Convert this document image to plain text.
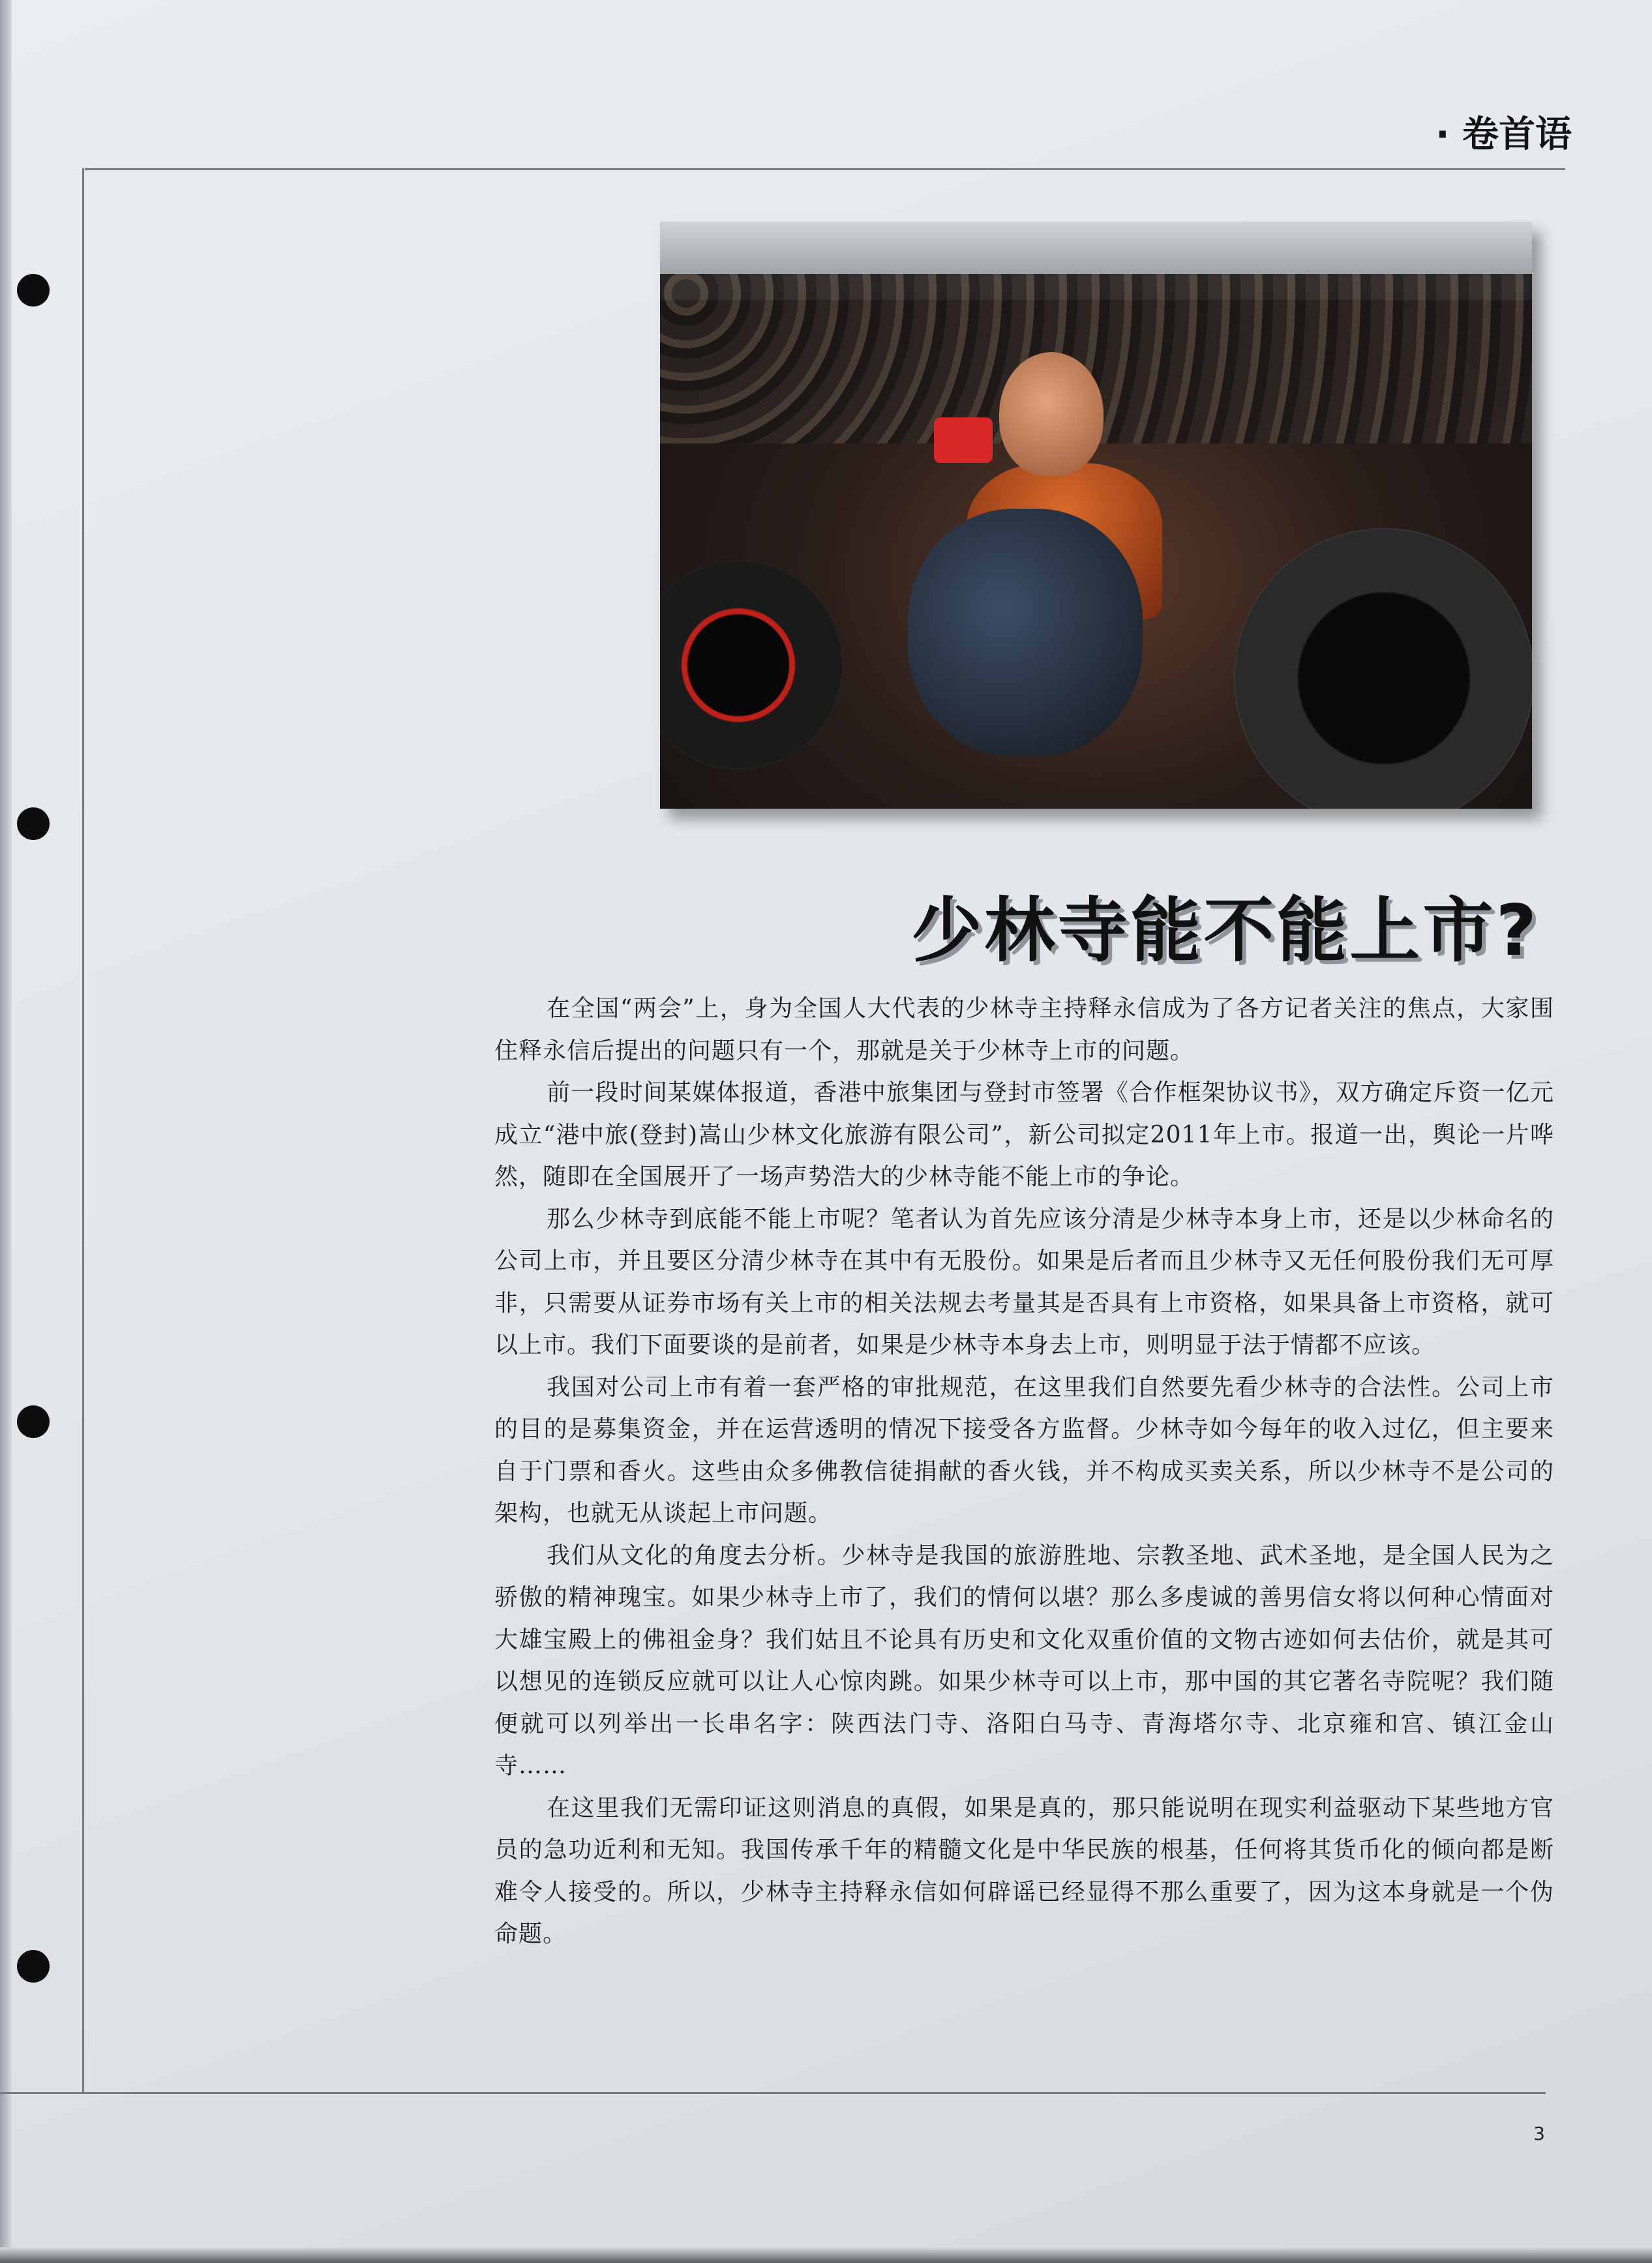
· 卷首语
少林寺能不能上市?

在全国“两会”上，身为全国人大代表的少林寺主持释永信成为了各方记者关注的焦点，大家围住释永信后提出的问题只有一个，那就是关于少林寺上市的问题。

前一段时间某媒体报道，香港中旅集团与登封市签署《合作框架协议书》，双方确定斥资一亿元成立“港中旅(登封)嵩山少林文化旅游有限公司”，新公司拟定2011年上市。报道一出，舆论一片哗然，随即在全国展开了一场声势浩大的少林寺能不能上市的争论。

那么少林寺到底能不能上市呢？笔者认为首先应该分清是少林寺本身上市，还是以少林命名的公司上市，并且要区分清少林寺在其中有无股份。如果是后者而且少林寺又无任何股份我们无可厚非，只需要从证券市场有关上市的相关法规去考量其是否具有上市资格，如果具备上市资格，就可以上市。我们下面要谈的是前者，如果是少林寺本身去上市，则明显于法于情都不应该。

我国对公司上市有着一套严格的审批规范，在这里我们自然要先看少林寺的合法性。公司上市的目的是募集资金，并在运营透明的情况下接受各方监督。少林寺如今每年的收入过亿，但主要来自于门票和香火。这些由众多佛教信徒捐献的香火钱，并不构成买卖关系，所以少林寺不是公司的架构，也就无从谈起上市问题。

我们从文化的角度去分析。少林寺是我国的旅游胜地、宗教圣地、武术圣地，是全国人民为之骄傲的精神瑰宝。如果少林寺上市了，我们的情何以堪？那么多虔诚的善男信女将以何种心情面对大雄宝殿上的佛祖金身？我们姑且不论具有历史和文化双重价值的文物古迹如何去估价，就是其可以想见的连锁反应就可以让人心惊肉跳。如果少林寺可以上市，那中国的其它著名寺院呢？我们随便就可以列举出一长串名字：陕西法门寺、洛阳白马寺、青海塔尔寺、北京雍和宫、镇江金山寺……

在这里我们无需印证这则消息的真假，如果是真的，那只能说明在现实利益驱动下某些地方官员的急功近利和无知。我国传承千年的精髓文化是中华民族的根基，任何将其货币化的倾向都是断难令人接受的。所以，少林寺主持释永信如何辟谣已经显得不那么重要了，因为这本身就是一个伪命题。

3
